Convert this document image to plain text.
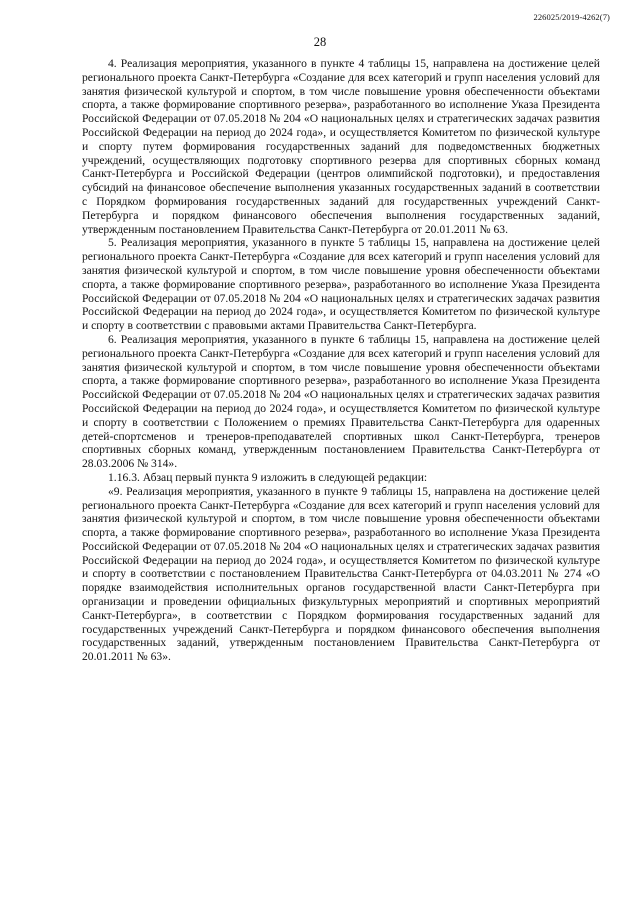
226025/2019-4262(7)
28

4. Реализация мероприятия, указанного в пункте 4 таблицы 15, направлена на достижение целей регионального проекта Санкт-Петербурга «Создание для всех категорий и групп населения условий для занятия физической культурой и спортом, в том числе повышение уровня обеспеченности объектами спорта, а также формирование спортивного резерва», разработанного во исполнение Указа Президента Российской Федерации от 07.05.2018 № 204 «О национальных целях и стратегических задачах развития Российской Федерации на период до 2024 года», и осуществляется Комитетом по физической культуре и спорту путем формирования государственных заданий для подведомственных бюджетных учреждений, осуществляющих подготовку спортивного резерва для спортивных сборных команд Санкт-Петербурга и Российской Федерации (центров олимпийской подготовки), и предоставления субсидий на финансовое обеспечение выполнения указанных государственных заданий в соответствии с Порядком формирования государственных заданий для государственных учреждений Санкт-Петербурга и порядком финансового обеспечения выполнения государственных заданий, утвержденным постановлением Правительства Санкт-Петербурга от 20.01.2011 № 63.

5. Реализация мероприятия, указанного в пункте 5 таблицы 15, направлена на достижение целей регионального проекта Санкт-Петербурга «Создание для всех категорий и групп населения условий для занятия физической культурой и спортом, в том числе повышение уровня обеспеченности объектами спорта, а также формирование спортивного резерва», разработанного во исполнение Указа Президента Российской Федерации от 07.05.2018 № 204 «О национальных целях и стратегических задачах развития Российской Федерации на период до 2024 года», и осуществляется Комитетом по физической культуре и спорту в соответствии с правовыми актами Правительства Санкт-Петербурга.

6. Реализация мероприятия, указанного в пункте 6 таблицы 15, направлена на достижение целей регионального проекта Санкт-Петербурга «Создание для всех категорий и групп населения условий для занятия физической культурой и спортом, в том числе повышение уровня обеспеченности объектами спорта, а также формирование спортивного резерва», разработанного во исполнение Указа Президента Российской Федерации от 07.05.2018 № 204 «О национальных целях и стратегических задачах развития Российской Федерации на период до 2024 года», и осуществляется Комитетом по физической культуре и спорту в соответствии с Положением о премиях Правительства Санкт-Петербурга для одаренных детей-спортсменов и тренеров-преподавателей спортивных школ Санкт-Петербурга, тренеров спортивных сборных команд, утвержденным постановлением Правительства Санкт-Петербурга от 28.03.2006 № 314».

1.16.3. Абзац первый пункта 9 изложить в следующей редакции:

«9. Реализация мероприятия, указанного в пункте 9 таблицы 15, направлена на достижение целей регионального проекта Санкт-Петербурга «Создание для всех категорий и групп населения условий для занятия физической культурой и спортом, в том числе повышение уровня обеспеченности объектами спорта, а также формирование спортивного резерва», разработанного во исполнение Указа Президента Российской Федерации от 07.05.2018 № 204 «О национальных целях и стратегических задачах развития Российской Федерации на период до 2024 года», и осуществляется Комитетом по физической культуре и спорту в соответствии с постановлением Правительства Санкт-Петербурга от 04.03.2011 № 274 «О порядке взаимодействия исполнительных органов государственной власти Санкт-Петербурга при организации и проведении официальных физкультурных мероприятий и спортивных мероприятий Санкт-Петербурга», в соответствии с Порядком формирования государственных заданий для государственных учреждений Санкт-Петербурга и порядком финансового обеспечения выполнения государственных заданий, утвержденным постановлением Правительства Санкт-Петербурга от 20.01.2011 № 63».
